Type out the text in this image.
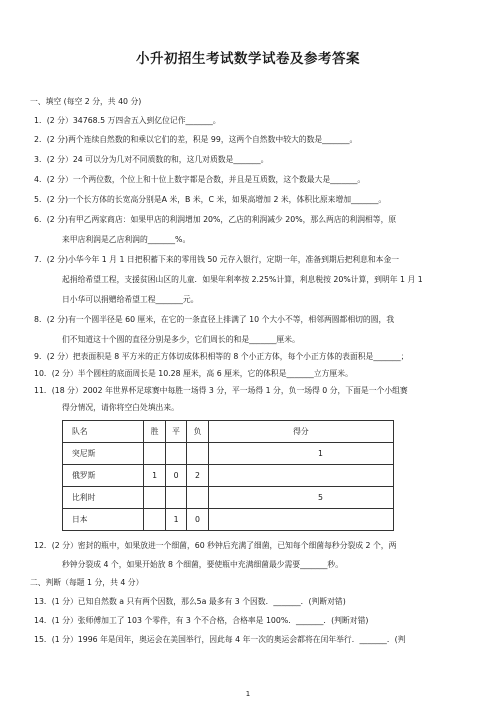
小升初招生考试数学试卷及参考答案
一、填空 (每空 2 分，共 40 分)
1．(2 分）34768.5 万四舍五入到亿位记作_______。
2．(2 分)两个连续自然数的和乘以它们的差，积是 99，这两个自然数中较大的数是_______。
3．(2 分）24 可以分为几对不同质数的和，这几对质数是_______。
4．(2 分）一个两位数，个位上和十位上数字都是合数，并且是互质数，这个数最大是_______。
5．(2 分)一个长方体的长宽高分别是A 米，B 米，C 米，如果高增加 2 米，体积比原来增加_______。
6．(2 分)有甲乙两家商店：如果甲店的利润增加 20%，乙店的利润减少 20%，那么两店的利润相等，原
来甲店利润是乙店利润的_______%。
7．(2 分)小华今年 1 月 1 日把积蓄下来的零用钱 50 元存入银行，定期一年，准备到期后把利息和本金一
起捐给希望工程，支援贫困山区的儿童．如果年利率按 2.25%计算，利息税按 20%计算，到明年 1 月 1
日小华可以捐赠给希望工程_______元。
8．(2 分)有一个圆半径是 60 厘米，在它的一条直径上排满了 10 个大小不等，相邻两圆都相切的圆，我
们不知道这十个圆的直径分别是多少，它们周长的和是_______厘米。
9．(2 分）把表面积是 8 平方米的正方体切成体积相等的 8 个小正方体，每个小正方体的表面积是_______；
10．(2 分）半个圆柱的底面周长是 10.28 厘米，高 6 厘米，它的体积是_______立方厘米。
11．(18 分）2002 年世界杯足球赛中每胜一场得 3 分，平一场得 1 分，负一场得 0 分，下面是一个小组赛
队名	胜	平	负	得分
突尼斯				1
俄罗斯	1	0	2	
比利时				5
日本		1	0	
得分情况，请你将空白处填出来。
12．(2 分）密封的瓶中，如果放进一个细菌，60 秒钟后充满了细菌，已知每个细菌每秒分裂成 2 个，两
秒钟分裂成 4 个，如果开始放 8 个细菌，要使瓶中充满细菌最少需要_______秒。
二、判断（每题 1 分，共 4 分）
13．(1 分）已知自然数 a 只有两个因数，那么5a 最多有 3 个因数．_______．(判断对错)
14．(1 分）张师傅加工了 103 个零件，有 3 个不合格，合格率是 100%．_______．(判断对错)
15．(1 分）1996 年是闰年，奥运会在美国举行，因此每 4 年一次的奥运会都将在闰年举行．_______．(判
1
